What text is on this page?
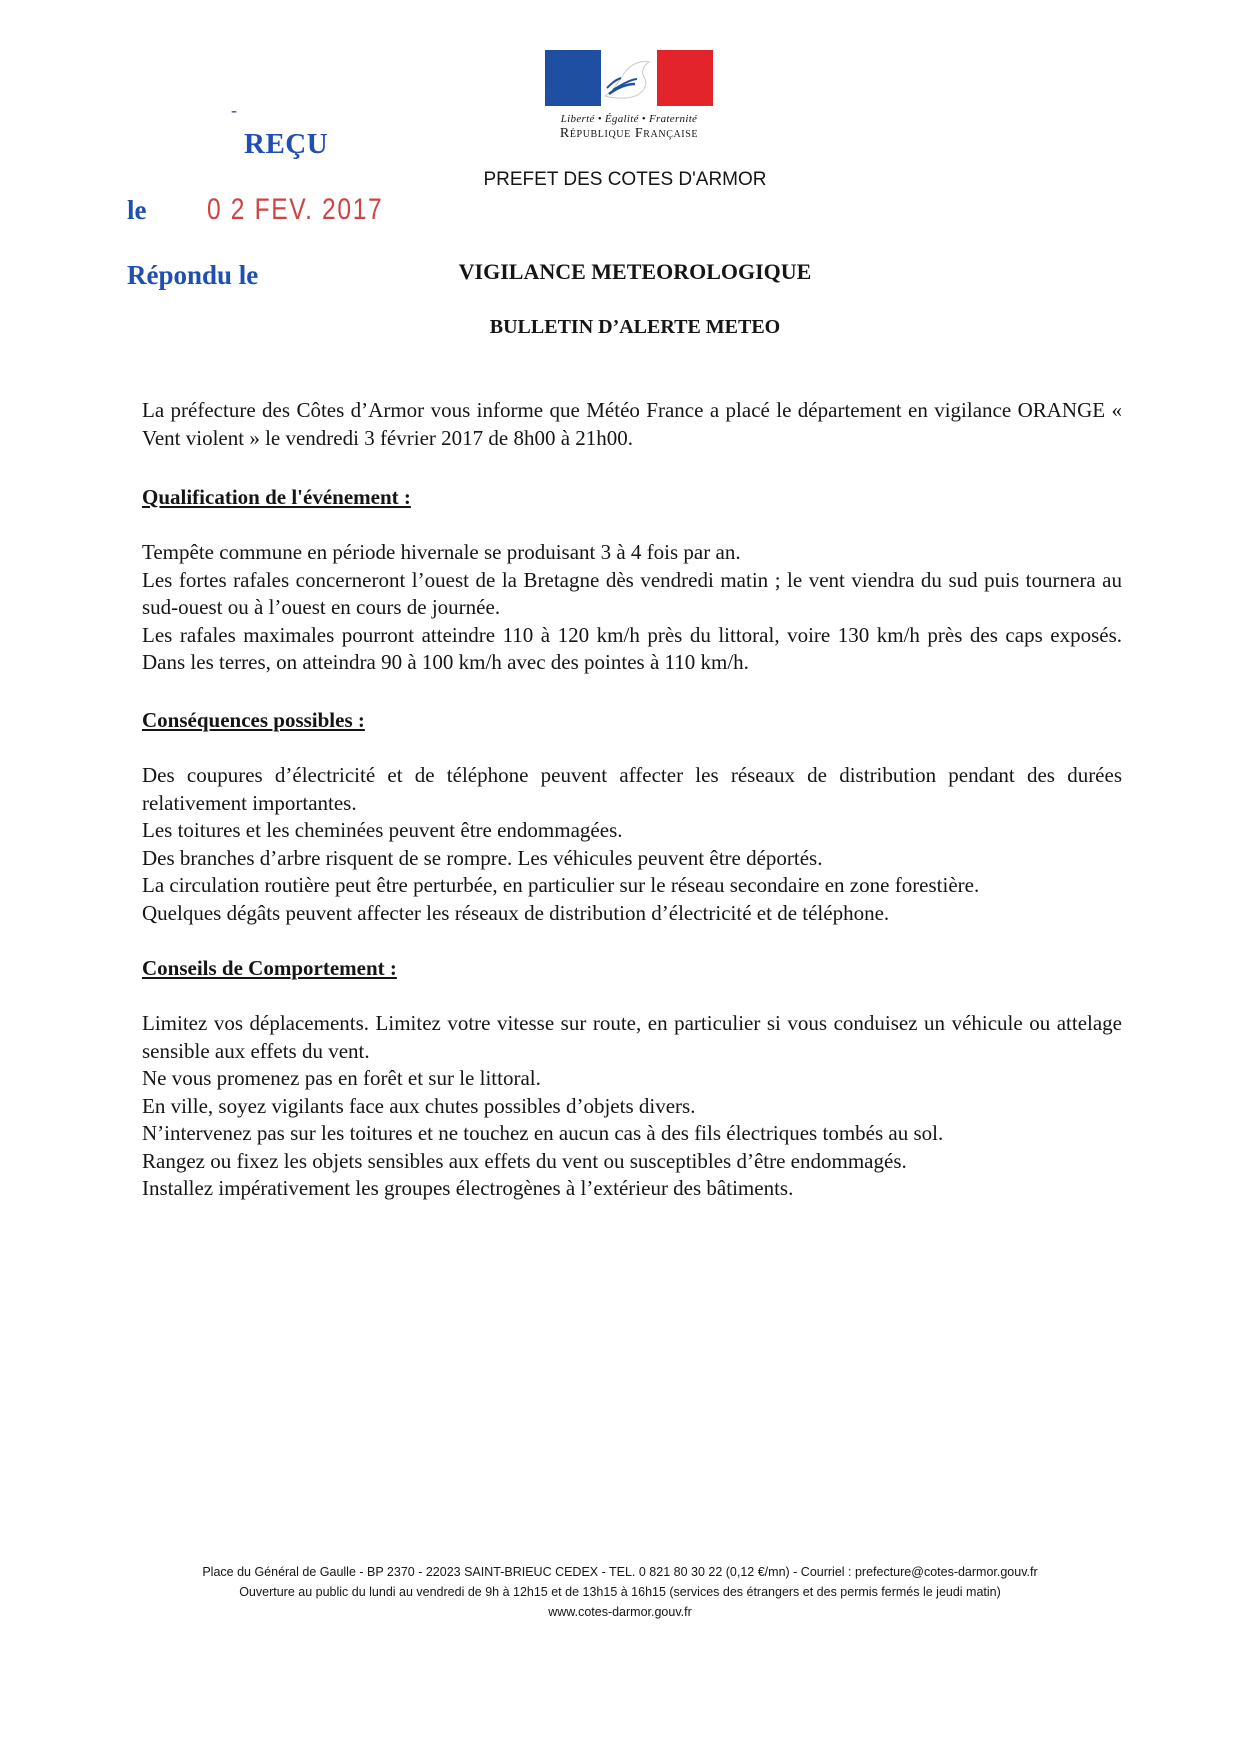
Liberté • Égalité • Fraternité
République Française
PREFET DES COTES D'ARMOR
-
REÇU
le 0 2 FEV. 2017
Répondu le	VIGILANCE METEOROLOGIQUE
BULLETIN D’ALERTE METEO

La préfecture des Côtes d’Armor vous informe que Météo France a placé le département en vigilance ORANGE « Vent violent » le vendredi 3 février 2017 de 8h00 à 21h00.

Qualification de l'événement :

Tempête commune en période hivernale se produisant 3 à 4 fois par an.

Les fortes rafales concerneront l’ouest de la Bretagne dès vendredi matin ; le vent viendra du sud puis tournera au sud-ouest ou à l’ouest en cours de journée.

Les rafales maximales pourront atteindre 110 à 120 km/h près du littoral, voire 130 km/h près des caps exposés. Dans les terres, on atteindra 90 à 100 km/h avec des pointes à 110 km/h.

Conséquences possibles :

Des coupures d’électricité et de téléphone peuvent affecter les réseaux de distribution pendant des durées relativement importantes.

Les toitures et les cheminées peuvent être endommagées.

Des branches d’arbre risquent de se rompre. Les véhicules peuvent être déportés.

La circulation routière peut être perturbée, en particulier sur le réseau secondaire en zone forestière.

Quelques dégâts peuvent affecter les réseaux de distribution d’électricité et de téléphone.

Conseils de Comportement :

Limitez vos déplacements. Limitez votre vitesse sur route, en particulier si vous conduisez un véhicule ou attelage sensible aux effets du vent.

Ne vous promenez pas en forêt et sur le littoral.

En ville, soyez vigilants face aux chutes possibles d’objets divers.

N’intervenez pas sur les toitures et ne touchez en aucun cas à des fils électriques tombés au sol.

Rangez ou fixez les objets sensibles aux effets du vent ou susceptibles d’être endommagés.

Installez impérativement les groupes électrogènes à l’extérieur des bâtiments.

Place du Général de Gaulle - BP 2370 - 22023 SAINT-BRIEUC CEDEX - TEL. 0 821 80 30 22 (0,12 €/mn) - Courriel : prefecture@cotes-darmor.gouv.fr
Ouverture au public du lundi au vendredi de 9h à 12h15 et de 13h15 à 16h15 (services des étrangers et des permis fermés le jeudi matin)
www.cotes-darmor.gouv.fr
